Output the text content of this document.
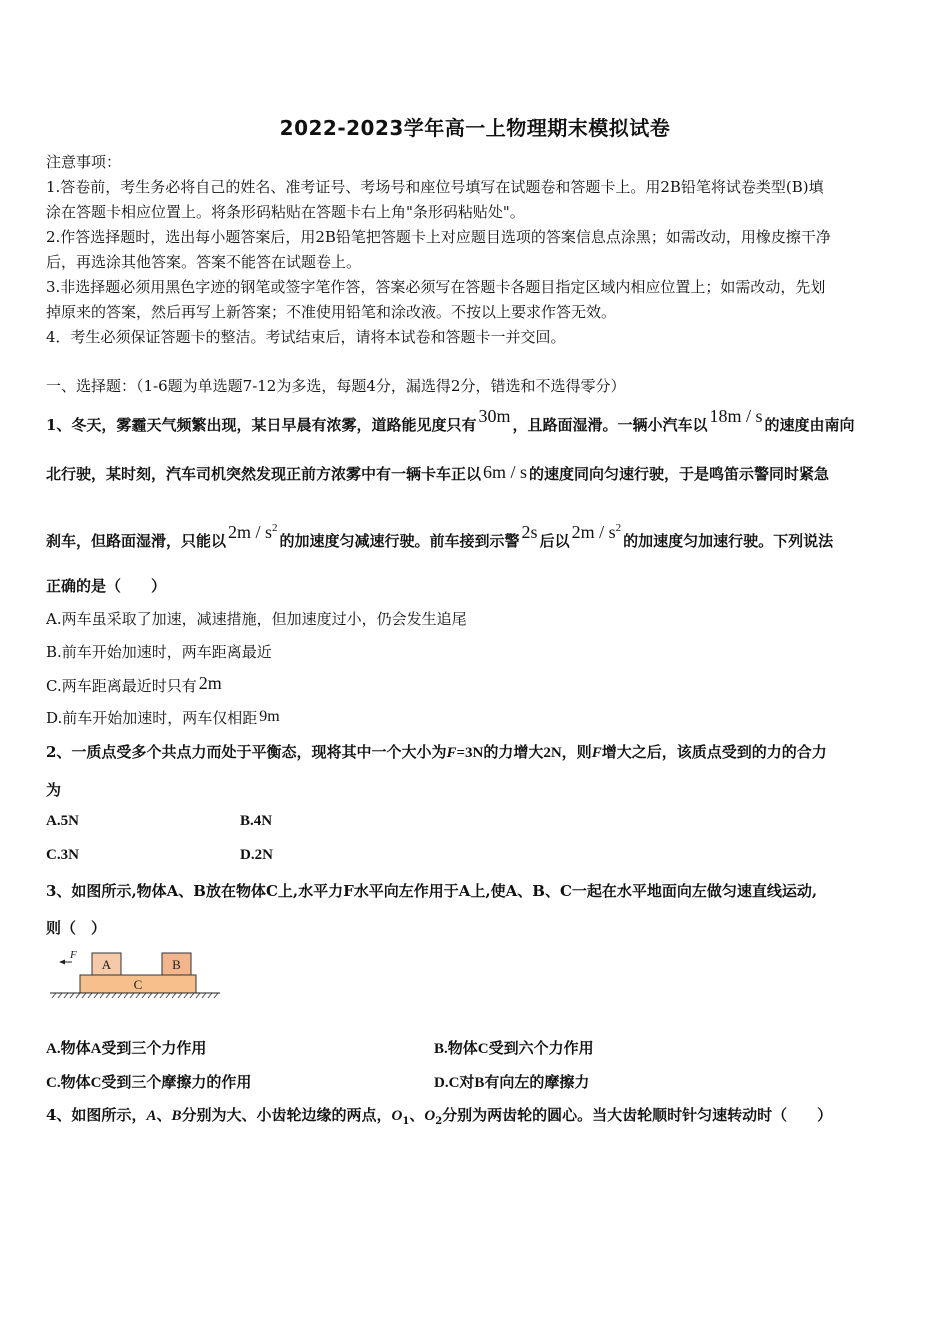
2022-2023学年高一上物理期末模拟试卷
注意事项：
1.答卷前，考生务必将自己的姓名、准考证号、考场号和座位号填写在试题卷和答题卡上。用2B铅笔将试卷类型(B)填
涂在答题卡相应位置上。将条形码粘贴在答题卡右上角"条形码粘贴处"。
2.作答选择题时，选出每小题答案后，用2B铅笔把答题卡上对应题目选项的答案信息点涂黑；如需改动，用橡皮擦干净
后，再选涂其他答案。答案不能答在试题卷上。
3.非选择题必须用黑色字迹的钢笔或签字笔作答，答案必须写在答题卡各题目指定区域内相应位置上；如需改动，先划
掉原来的答案，然后再写上新答案；不准使用铅笔和涂改液。不按以上要求作答无效。
4．考生必须保证答题卡的整洁。考试结束后，请将本试卷和答题卡一并交回。
一、选择题：（1-6题为单选题7-12为多选，每题4分，漏选得2分，错选和不选得零分）
1、冬天，雾霾天气频繁出现，某日早晨有浓雾，道路能见度只有 30m ，且路面湿滑。一辆小汽车以 18m / s 的速度由南向
北行驶，某时刻，汽车司机突然发现正前方浓雾中有一辆卡车正以 6m / s 的速度同向匀速行驶，于是鸣笛示警同时紧急
刹车，但路面湿滑，只能以 $2m / s^2$的加速度匀减速行驶。前车接到示警 2s 后以 $2m / s^2$的加速度匀加速行驶。下列说法
正确的是（　　）
A.两车虽采取了加速，减速措施，但加速度过小，仍会发生追尾
B.前车开始加速时，两车距离最近
C.两车距离最近时只有 2m
D.前车开始加速时，两车仅相距 9m
2、一质点受多个共点力而处于平衡态，现将其中一个大小为F=3N的力增大2N，则F增大之后，该质点受到的力的合力
为
A.5N	B.4N
C.3N	D.2N
3、如图所示,物体A、B放在物体C上,水平力F水平向左作用于A上,使A、B、C一起在水平地面向左做匀速直线运动,
则（　）
F
A	B
C
A.物体A受到三个力作用	B.物体C受到六个力作用
C.物体C受到三个摩擦力的作用	D.C对B有向左的摩擦力
4、如图所示，A、B分别为大、小齿轮边缘的两点，$O_1$、$O_2$分别为两齿轮的圆心。当大齿轮顺时针匀速转动时（　　）
